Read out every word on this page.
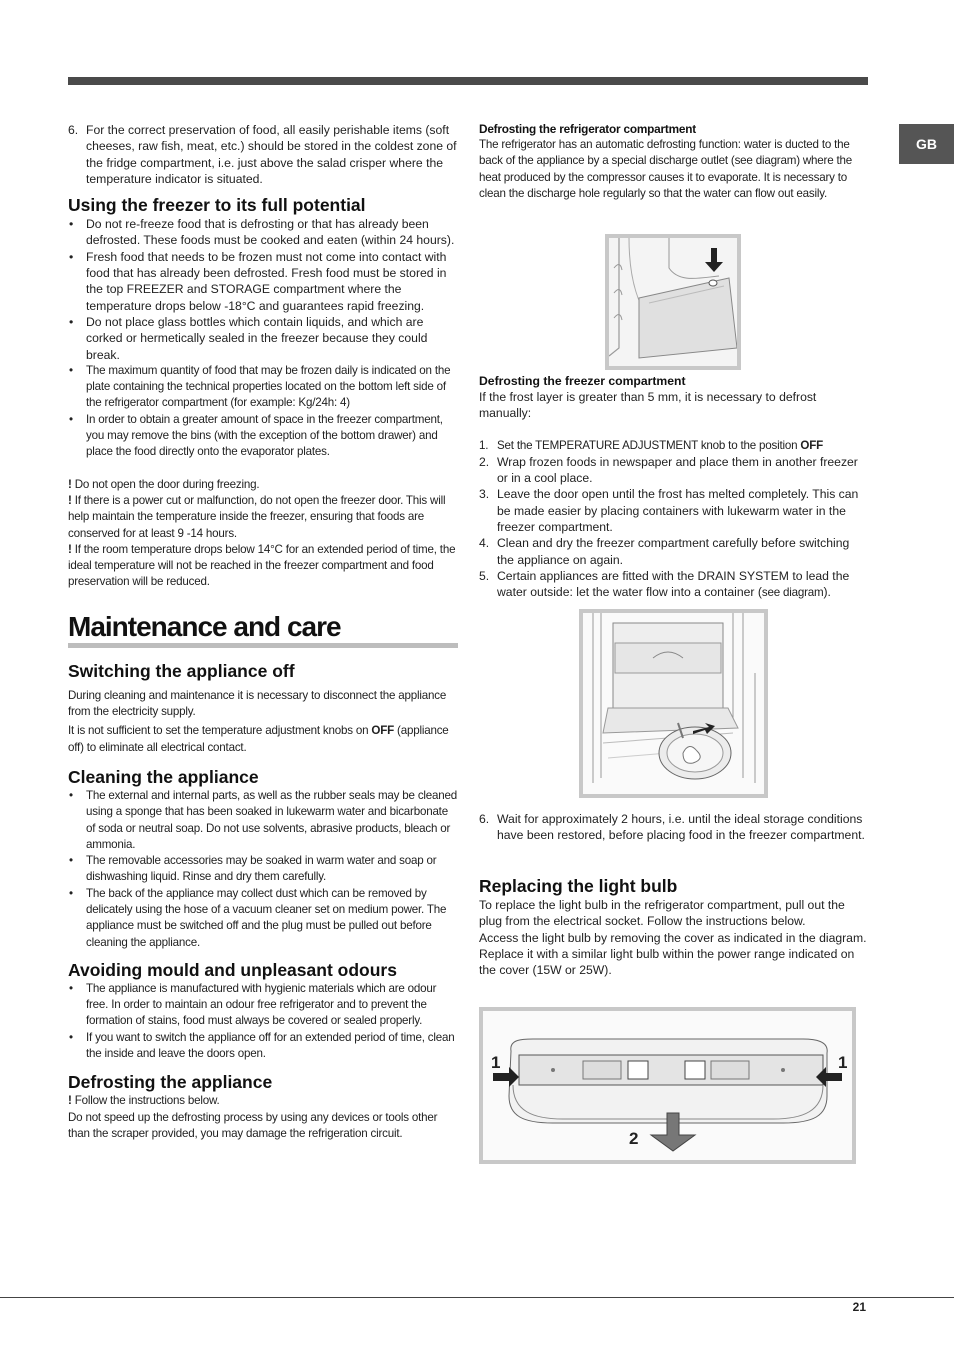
GB
6. For the correct preservation of food, all easily perishable items (soft cheeses, raw fish, meat, etc.) should be stored in the coldest zone of the fridge compartment, i.e. just above the salad crisper where the temperature indicator is situated.
Using the freezer to its full potential
• Do not re-freeze food that is defrosting or that has already been defrosted. These foods must be cooked and eaten (within 24 hours).
• Fresh food that needs to be frozen must not come into contact with food that has already been defrosted. Fresh food must be stored in the top FREEZER and STORAGE compartment where the temperature drops below -18°C and guarantees rapid freezing.
• Do not place glass bottles which contain liquids, and which are corked or hermetically sealed in the freezer because they could break.
• The maximum quantity of food that may be frozen daily is indicated on the plate containing the technical properties located on the bottom left side of the refrigerator compartment (for example: Kg/24h: 4)
• In order to obtain a greater amount of space in the freezer compartment, you may remove the bins (with the exception of the bottom drawer) and place the food directly onto the evaporator plates.

! Do not open the door during freezing.

! If there is a power cut or malfunction, do not open the freezer door. This will help maintain the temperature inside the freezer, ensuring that foods are conserved for at least 9 -14 hours.

! If the room temperature drops below 14°C for an extended period of time, the ideal temperature will not be reached in the freezer compartment and food preservation will be reduced.

Maintenance and care
Switching the appliance off

During cleaning and maintenance it is necessary to disconnect the appliance from the electricity supply.

It is not sufficient to set the temperature adjustment knobs on OFF (appliance off) to eliminate all electrical contact.

Cleaning the appliance
• The external and internal parts, as well as the rubber seals may be cleaned using a sponge that has been soaked in lukewarm water and bicarbonate of soda or neutral soap. Do not use solvents, abrasive products, bleach or ammonia.
• The removable accessories may be soaked in warm water and soap or dishwashing liquid. Rinse and dry them carefully.
• The back of the appliance may collect dust which can be removed by delicately using the hose of a vacuum cleaner set on medium power. The appliance must be switched off and the plug must be pulled out before cleaning the appliance.
Avoiding mould and unpleasant odours
• The appliance is manufactured with hygienic materials which are odour free. In order to maintain an odour free refrigerator and to prevent the formation of stains, food must always be covered or sealed properly.
• If you want to switch the appliance off for an extended period of time, clean the inside and leave the doors open.
Defrosting the appliance

! Follow the instructions below.

Do not speed up the defrosting process by using any devices or tools other than the scraper provided, you may damage the refrigeration circuit.

Defrosting the refrigerator compartment

The refrigerator has an automatic defrosting function: water is ducted to the back of the appliance by a special discharge outlet (see diagram) where the heat produced by the compressor causes it to evaporate. It is necessary to clean the discharge hole regularly so that the water can flow out easily.

Defrosting the freezer compartment

If the frost layer is greater than 5 mm, it is necessary to defrost manually:

1. Set the TEMPERATURE ADJUSTMENT knob to the position OFF
2. Wrap frozen foods in newspaper and place them in another freezer or in a cool place.
3. Leave the door open until the frost has melted completely. This can be made easier by placing containers with lukewarm water in the freezer compartment.
4. Clean and dry the freezer compartment carefully before switching the appliance on again.
5. Certain appliances are fitted with the DRAIN SYSTEM to lead the water outside: let the water flow into a container (see diagram).
6. Wait for approximately 2 hours, i.e. until the ideal storage conditions have been restored, before placing food in the freezer compartment.
Replacing the light bulb

To replace the light bulb in the refrigerator compartment, pull out the plug from the electrical socket. Follow the instructions below.

Access the light bulb by removing the cover as indicated in the diagram. Replace it with a similar light bulb within the power range indicated on the cover (15W or 25W).

1	1
2
21
